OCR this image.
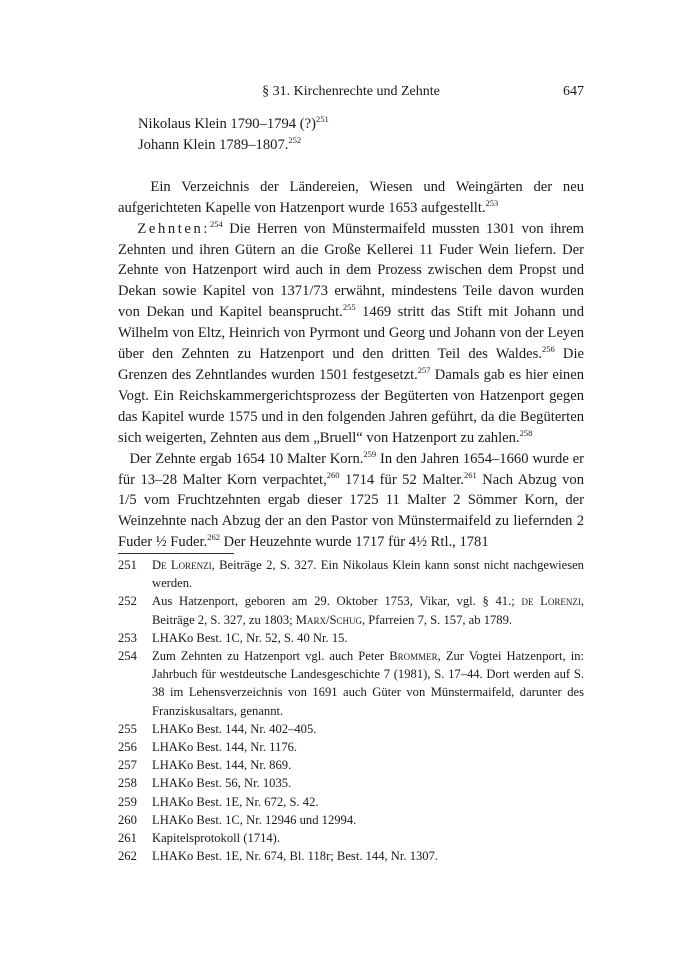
§ 31. Kirchenrechte und Zehnte	647
Nikolaus Klein 1790–1794 (?)$^{251}$
Johann Klein 1789–1807.$^{252}$

Ein Verzeichnis der Ländereien, Wiesen und Weingärten der neu aufgerichteten Kapelle von Hatzenport wurde 1653 aufgestellt.$^{253}$

Zehnten:$^{254}$ Die Herren von Münstermaifeld mussten 1301 von ihrem Zehnten und ihren Gütern an die Große Kellerei 11 Fuder Wein liefern. Der Zehnte von Hatzenport wird auch in dem Prozess zwischen dem Propst und Dekan sowie Kapitel von 1371/73 erwähnt, mindestens Teile davon wurden von Dekan und Kapitel beansprucht.$^{255}$ 1469 stritt das Stift mit Johann und Wilhelm von Eltz, Heinrich von Pyrmont und Georg und Johann von der Leyen über den Zehnten zu Hatzenport und den dritten Teil des Waldes.$^{256}$ Die Grenzen des Zehntlandes wurden 1501 festgesetzt.$^{257}$ Damals gab es hier einen Vogt. Ein Reichskammergerichtsprozess der Begüterten von Hatzenport gegen das Kapitel wurde 1575 und in den folgenden Jahren geführt, da die Begüterten sich weigerten, Zehnten aus dem „Bruell“ von Hatzenport zu zahlen.$^{258}$

Der Zehnte ergab 1654 10 Malter Korn.$^{259}$ In den Jahren 1654–1660 wurde er für 13–28 Malter Korn verpachtet,$^{260}$ 1714 für 52 Malter.$^{261}$ Nach Abzug von 1/5 vom Fruchtzehnten ergab dieser 1725 11 Malter 2 Sömmer Korn, der Weinzehnte nach Abzug der an den Pastor von Münstermaifeld zu liefernden 2 Fuder ½ Fuder.$^{262}$ Der Heuzehnte wurde 1717 für 4½ Rtl., 1781

251 De Lorenzi, Beiträge 2, S. 327. Ein Nikolaus Klein kann sonst nicht nachgewiesen werden.
252 Aus Hatzenport, geboren am 29. Oktober 1753, Vikar, vgl. § 41.; de Lorenzi, Beiträge 2, S. 327, zu 1803; Marx/Schug, Pfarreien 7, S. 157, ab 1789.
253 LHAKo Best. 1C, Nr. 52, S. 40 Nr. 15.
254 Zum Zehnten zu Hatzenport vgl. auch Peter Brommer, Zur Vogtei Hatzenport, in: Jahrbuch für westdeutsche Landesgeschichte 7 (1981), S. 17–44. Dort werden auf S. 38 im Lehensverzeichnis von 1691 auch Güter von Münstermaifeld, darunter des Franziskusaltars, genannt.
255 LHAKo Best. 144, Nr. 402–405.
256 LHAKo Best. 144, Nr. 1176.
257 LHAKo Best. 144, Nr. 869.
258 LHAKo Best. 56, Nr. 1035.
259 LHAKo Best. 1E, Nr. 672, S. 42.
260 LHAKo Best. 1C, Nr. 12946 und 12994.
261 Kapitelsprotokoll (1714).
262 LHAKo Best. 1E, Nr. 674, Bl. 118r; Best. 144, Nr. 1307.
